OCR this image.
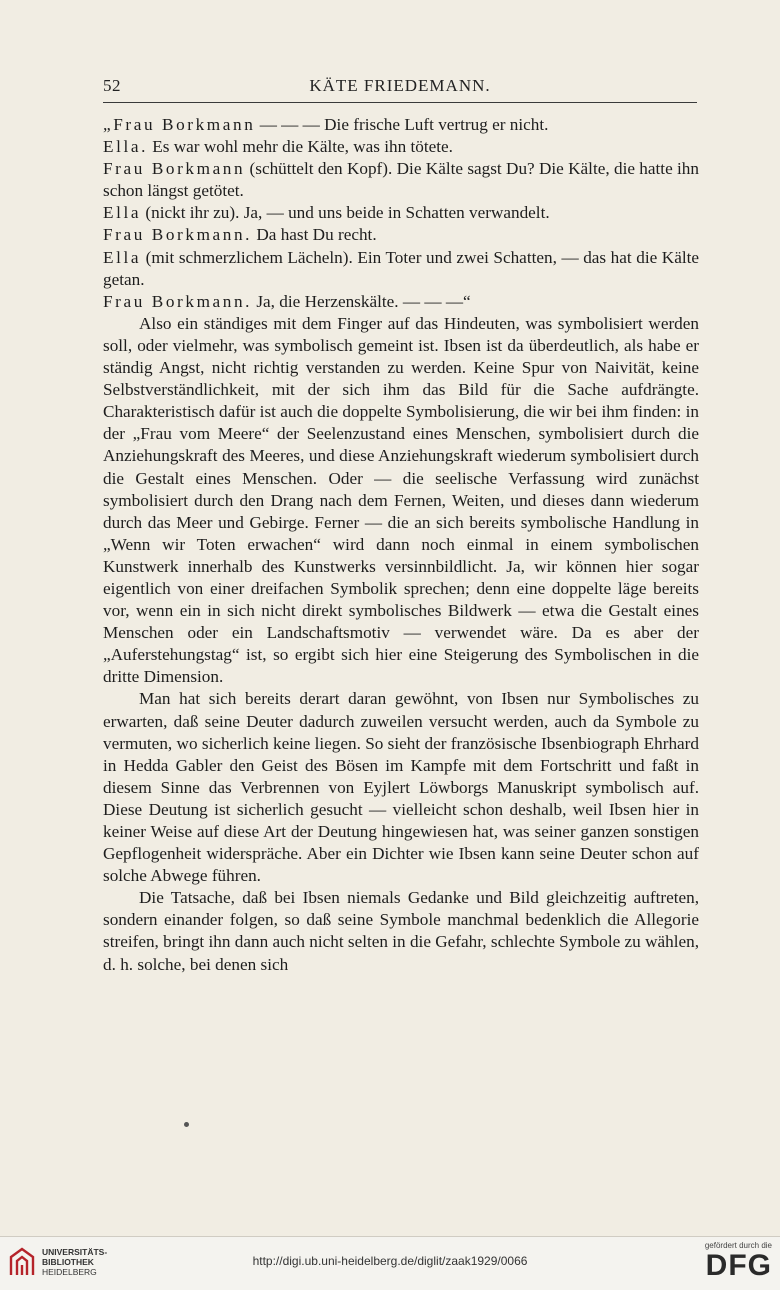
52	KÄTE FRIEDEMANN.

„Frau Borkmann — — — Die frische Luft vertrug er nicht.

Ella. Es war wohl mehr die Kälte, was ihn tötete.

Frau Borkmann (schüttelt den Kopf). Die Kälte sagst Du? Die Kälte, die hatte ihn schon längst getötet.

Ella (nickt ihr zu). Ja, — und uns beide in Schatten verwandelt.

Frau Borkmann. Da hast Du recht.

Ella (mit schmerzlichem Lächeln). Ein Toter und zwei Schatten, — das hat die Kälte getan.

Frau Borkmann. Ja, die Herzenskälte. — — —“

Also ein ständiges mit dem Finger auf das Hindeuten, was symbolisiert werden soll, oder vielmehr, was symbolisch gemeint ist. Ibsen ist da überdeutlich, als habe er ständig Angst, nicht richtig verstanden zu werden. Keine Spur von Naivität, keine Selbstverständlichkeit, mit der sich ihm das Bild für die Sache aufdrängte. Charakteristisch dafür ist auch die doppelte Symbolisierung, die wir bei ihm finden: in der „Frau vom Meere“ der Seelenzustand eines Menschen, symbolisiert durch die Anziehungskraft des Meeres, und diese Anziehungskraft wiederum symbolisiert durch die Gestalt eines Menschen. Oder — die seelische Verfassung wird zunächst symbolisiert durch den Drang nach dem Fernen, Weiten, und dieses dann wiederum durch das Meer und Gebirge. Ferner — die an sich bereits symbolische Handlung in „Wenn wir Toten erwachen“ wird dann noch einmal in einem symbolischen Kunstwerk innerhalb des Kunstwerks versinnbildlicht. Ja, wir können hier sogar eigentlich von einer dreifachen Symbolik sprechen; denn eine doppelte läge bereits vor, wenn ein in sich nicht direkt symbolisches Bildwerk — etwa die Gestalt eines Menschen oder ein Landschaftsmotiv — verwendet wäre. Da es aber der „Auferstehungstag“ ist, so ergibt sich hier eine Steigerung des Symbolischen in die dritte Dimension.

Man hat sich bereits derart daran gewöhnt, von Ibsen nur Symbolisches zu erwarten, daß seine Deuter dadurch zuweilen versucht werden, auch da Symbole zu vermuten, wo sicherlich keine liegen. So sieht der französische Ibsenbiograph Ehrhard in Hedda Gabler den Geist des Bösen im Kampfe mit dem Fortschritt und faßt in diesem Sinne das Verbrennen von Eyjlert Löwborgs Manuskript symbolisch auf. Diese Deutung ist sicherlich gesucht — vielleicht schon deshalb, weil Ibsen hier in keiner Weise auf diese Art der Deutung hingewiesen hat, was seiner ganzen sonstigen Gepflogenheit widerspräche. Aber ein Dichter wie Ibsen kann seine Deuter schon auf solche Abwege führen.

Die Tatsache, daß bei Ibsen niemals Gedanke und Bild gleichzeitig auftreten, sondern einander folgen, so daß seine Symbole manchmal bedenklich die Allegorie streifen, bringt ihn dann auch nicht selten in die Gefahr, schlechte Symbole zu wählen, d. h. solche, bei denen sich

UNIVERSITÄTS-
BIBLIOTHEK
HEIDELBERG
http://digi.ub.uni-heidelberg.de/diglit/zaak1929/0066
gefördert durch die
DFG
